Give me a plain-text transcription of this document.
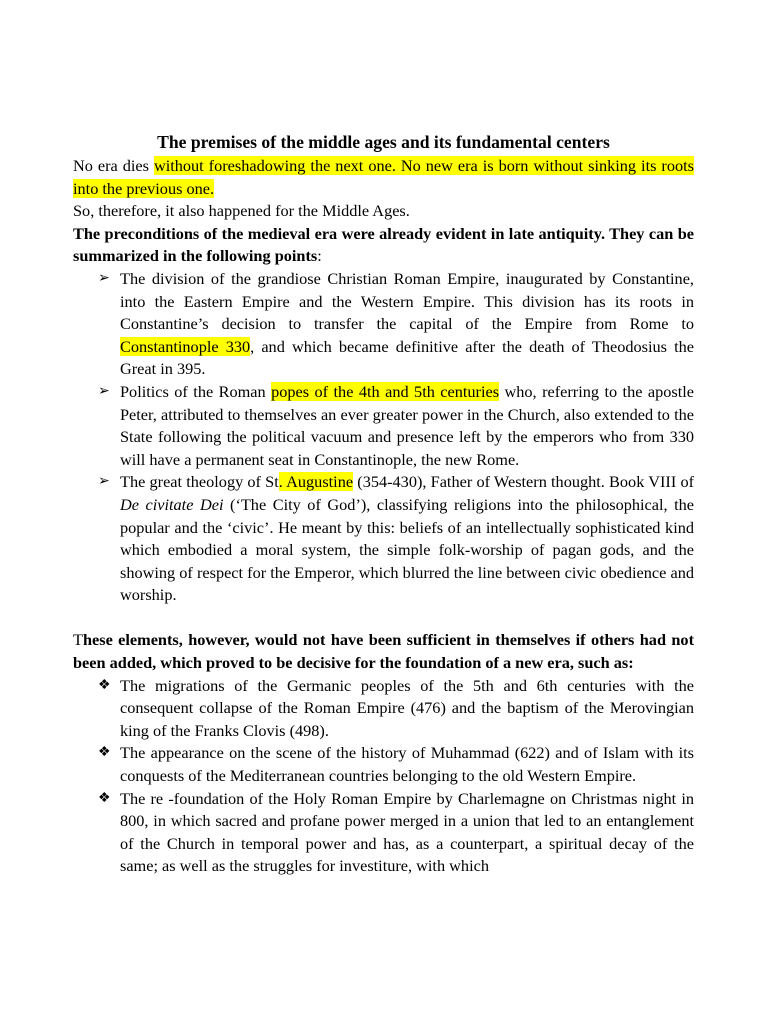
The premises of the middle ages and its fundamental centers

No era dies without foreshadowing the next one. No new era is born without sinking its roots into the previous one.

So, therefore, it also happened for the Middle Ages.

The preconditions of the medieval era were already evident in late antiquity. They can be summarized in the following points:

➢ The division of the grandiose Christian Roman Empire, inaugurated by Constantine, into the Eastern Empire and the Western Empire. This division has its roots in Constantine’s decision to transfer the capital of the Empire from Rome to Constantinople 330, and which became definitive after the death of Theodosius the Great in 395.
➢ Politics of the Roman popes of the 4th and 5th centuries who, referring to the apostle Peter, attributed to themselves an ever greater power in the Church, also extended to the State following the political vacuum and presence left by the emperors who from 330 will have a permanent seat in Constantinople, the new Rome.
➢ The great theology of St. Augustine (354-430), Father of Western thought. Book VIII of De civitate Dei (‘The City of God’), classifying religions into the philosophical, the popular and the ‘civic’. He meant by this: beliefs of an intellectually sophisticated kind which embodied a moral system, the simple folk-worship of pagan gods, and the showing of respect for the Emperor, which blurred the line between civic obedience and worship.

These elements, however, would not have been sufficient in themselves if others had not been added, which proved to be decisive for the foundation of a new era, such as:

❖ The migrations of the Germanic peoples of the 5th and 6th centuries with the consequent collapse of the Roman Empire (476) and the baptism of the Merovingian king of the Franks Clovis (498).
❖ The appearance on the scene of the history of Muhammad (622) and of Islam with its conquests of the Mediterranean countries belonging to the old Western Empire.
❖ The re -foundation of the Holy Roman Empire by Charlemagne on Christmas night in 800, in which sacred and profane power merged in a union that led to an entanglement of the Church in temporal power and has, as a counterpart, a spiritual decay of the same; as well as the struggles for investiture, with which
